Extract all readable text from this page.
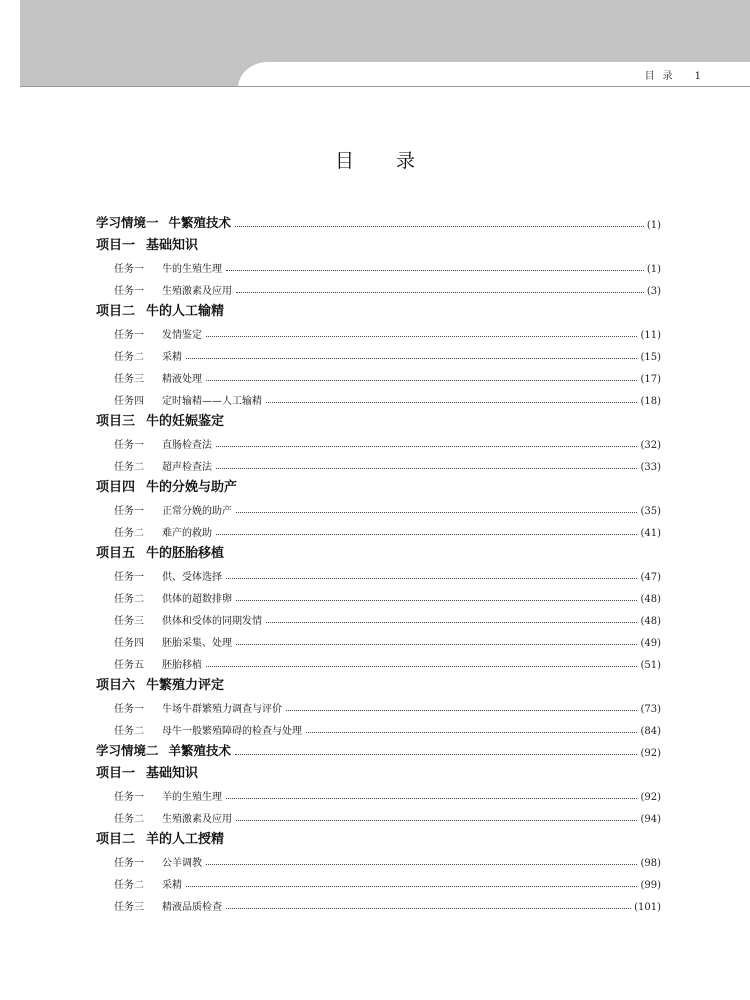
目录 1
目 录
学习情境一 牛繁殖技术	(1)
项目一 基础知识
任务一	牛的生殖生理	(1)
任务一	生殖激素及应用	(3)
项目二 牛的人工输精
任务一	发情鉴定	(11)
任务二	采精	(15)
任务三	精液处理	(17)
任务四	定时输精——人工输精	(18)
项目三 牛的妊娠鉴定
任务一	直肠检查法	(32)
任务二	超声检查法	(33)
项目四 牛的分娩与助产
任务一	正常分娩的助产	(35)
任务二	难产的救助	(41)
项目五 牛的胚胎移植
任务一	供、受体选择	(47)
任务二	供体的超数排卵	(48)
任务三	供体和受体的同期发情	(48)
任务四	胚胎采集、处理	(49)
任务五	胚胎移植	(51)
项目六 牛繁殖力评定
任务一	牛场牛群繁殖力调查与评价	(73)
任务二	母牛一般繁殖障碍的检查与处理	(84)
学习情境二 羊繁殖技术	(92)
项目一 基础知识
任务一	羊的生殖生理	(92)
任务二	生殖激素及应用	(94)
项目二 羊的人工授精
任务一	公羊调教	(98)
任务二	采精	(99)
任务三	精液品质检查	(101)
